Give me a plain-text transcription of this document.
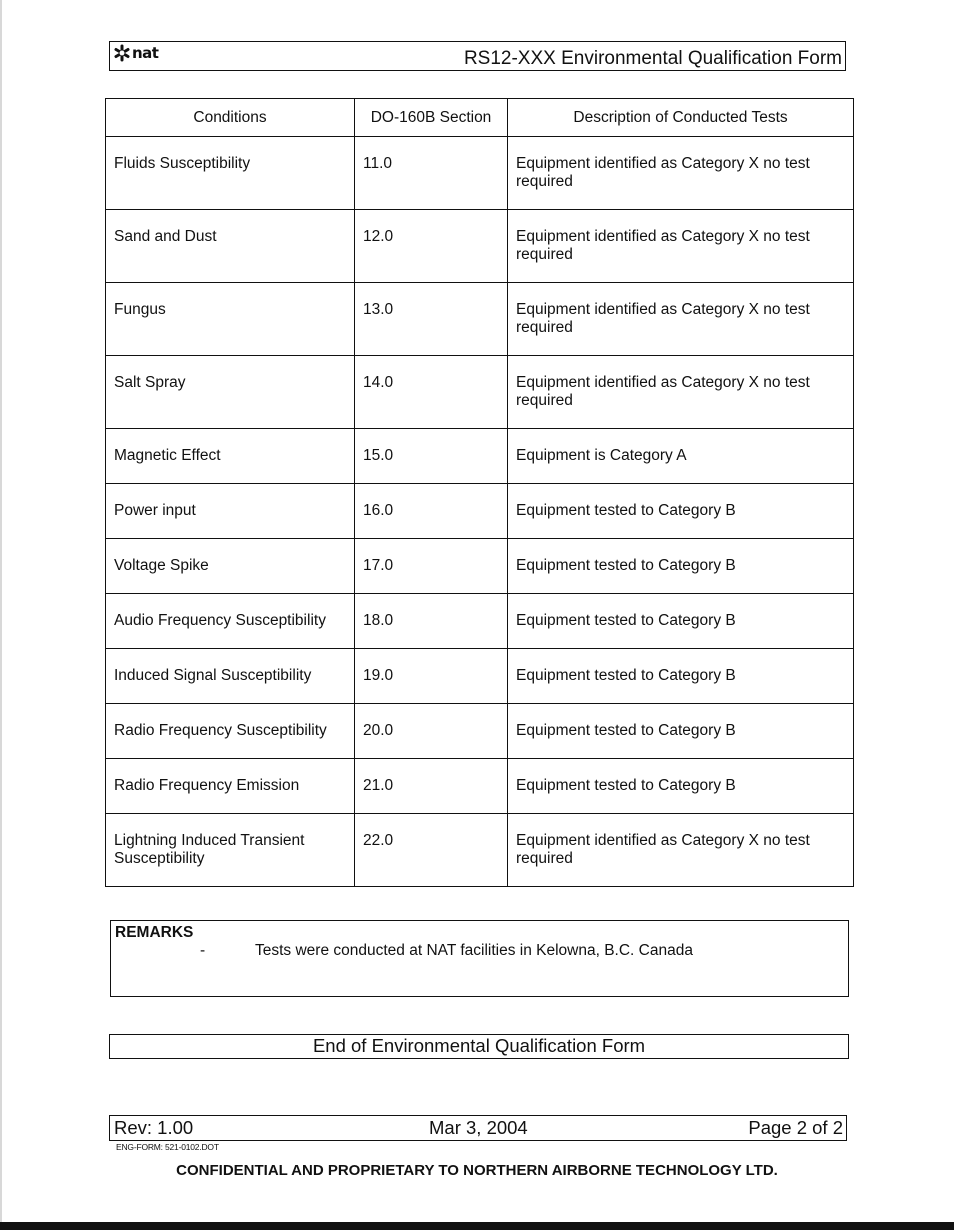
nat	RS12-XXX Environmental Qualification Form
Conditions	DO-160B Section	Description of Conducted Tests
Fluids Susceptibility	11.0	Equipment identified as Category X no test required
Sand and Dust	12.0	Equipment identified as Category X no test required
Fungus	13.0	Equipment identified as Category X no test required
Salt Spray	14.0	Equipment identified as Category X no test required
Magnetic Effect	15.0	Equipment is Category A
Power input	16.0	Equipment tested to Category B
Voltage Spike	17.0	Equipment tested to Category B
Audio Frequency Susceptibility	18.0	Equipment tested to Category B
Induced Signal Susceptibility	19.0	Equipment tested to Category B
Radio Frequency Susceptibility	20.0	Equipment tested to Category B
Radio Frequency Emission	21.0	Equipment tested to Category B
Lightning Induced Transient Susceptibility	22.0	Equipment identified as Category X no test required
REMARKS
-	Tests were conducted at NAT facilities in Kelowna, B.C. Canada
End of Environmental Qualification Form
Rev: 1.00	Mar 3, 2004	Page 2 of 2
ENG-FORM: 521-0102.DOT
CONFIDENTIAL AND PROPRIETARY TO NORTHERN AIRBORNE TECHNOLOGY LTD.
